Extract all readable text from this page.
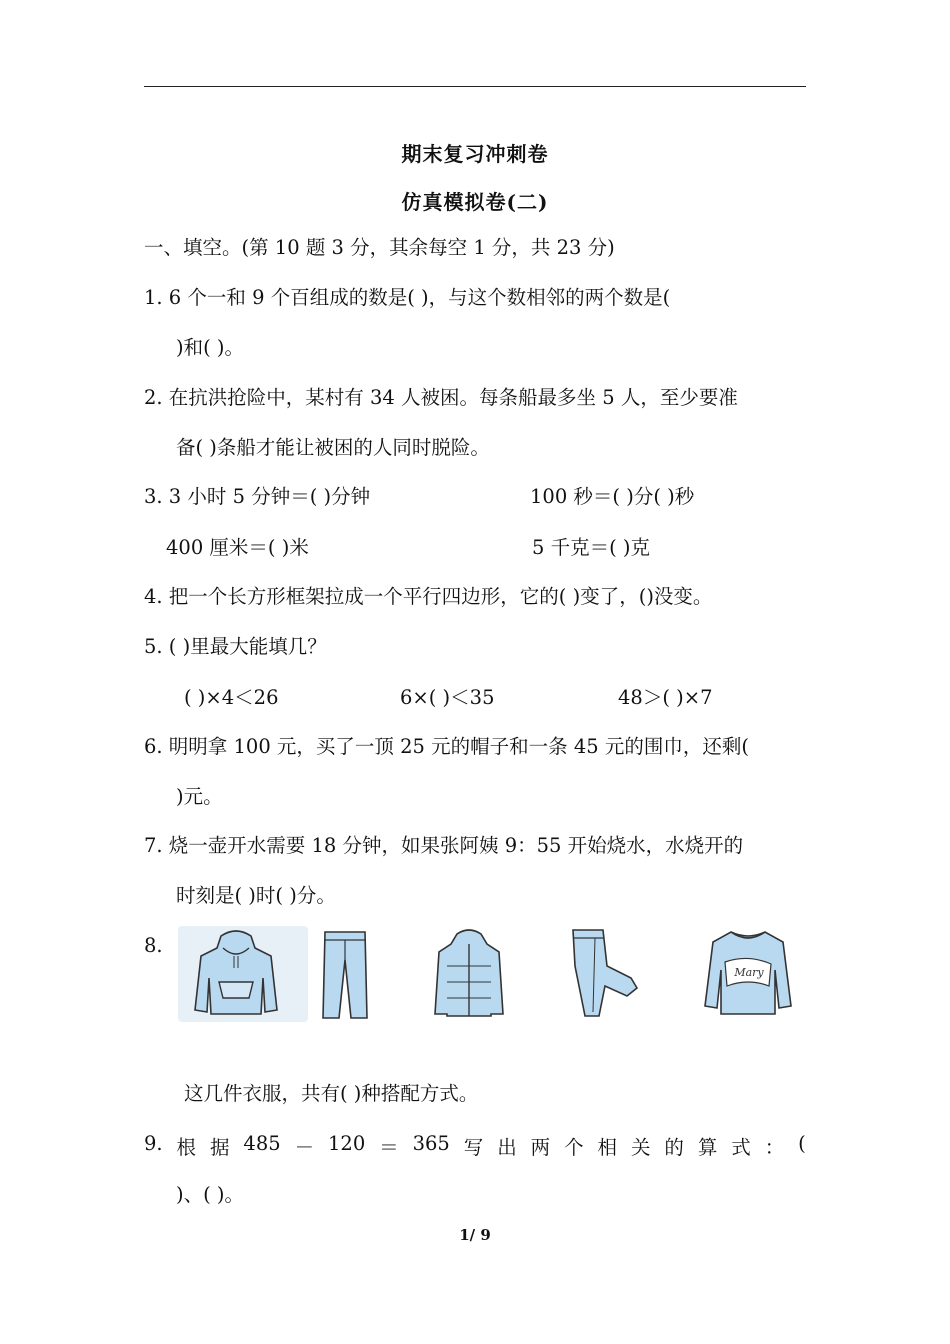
期末复习冲刺卷
仿真模拟卷(二)
一、填空。(第 10 题 3 分，其余每空 1 分，共 23 分)
1. 6 个一和 9 个百组成的数是( )，与这个数相邻的两个数是(
)和( )。
2. 在抗洪抢险中，某村有 34 人被困。每条船最多坐 5 人，至少要准
备( )条船才能让被困的人同时脱险。
3. 3 小时 5 分钟＝( )分钟	100 秒＝( )分( )秒
400 厘米＝( )米	5 千克＝( )克
4. 把一个长方形框架拉成一个平行四边形，它的( )变了，()没变。
5. ( )里最大能填几？
( )×4＜26	6×( )＜35	48＞( )×7
6. 明明拿 100 元，买了一顶 25 元的帽子和一条 45 元的围巾，还剩(
)元。
7. 烧一壶开水需要 18 分钟，如果张阿姨 9：55 开始烧水，水烧开的
时刻是( )时( )分。
8.
Mary
这几件衣服，共有( )种搭配方式。
9. 根 据 485 － 120 ＝ 365 写 出 两 个 相 关 的 算 式 ： (
)、( )。
1/ 9
